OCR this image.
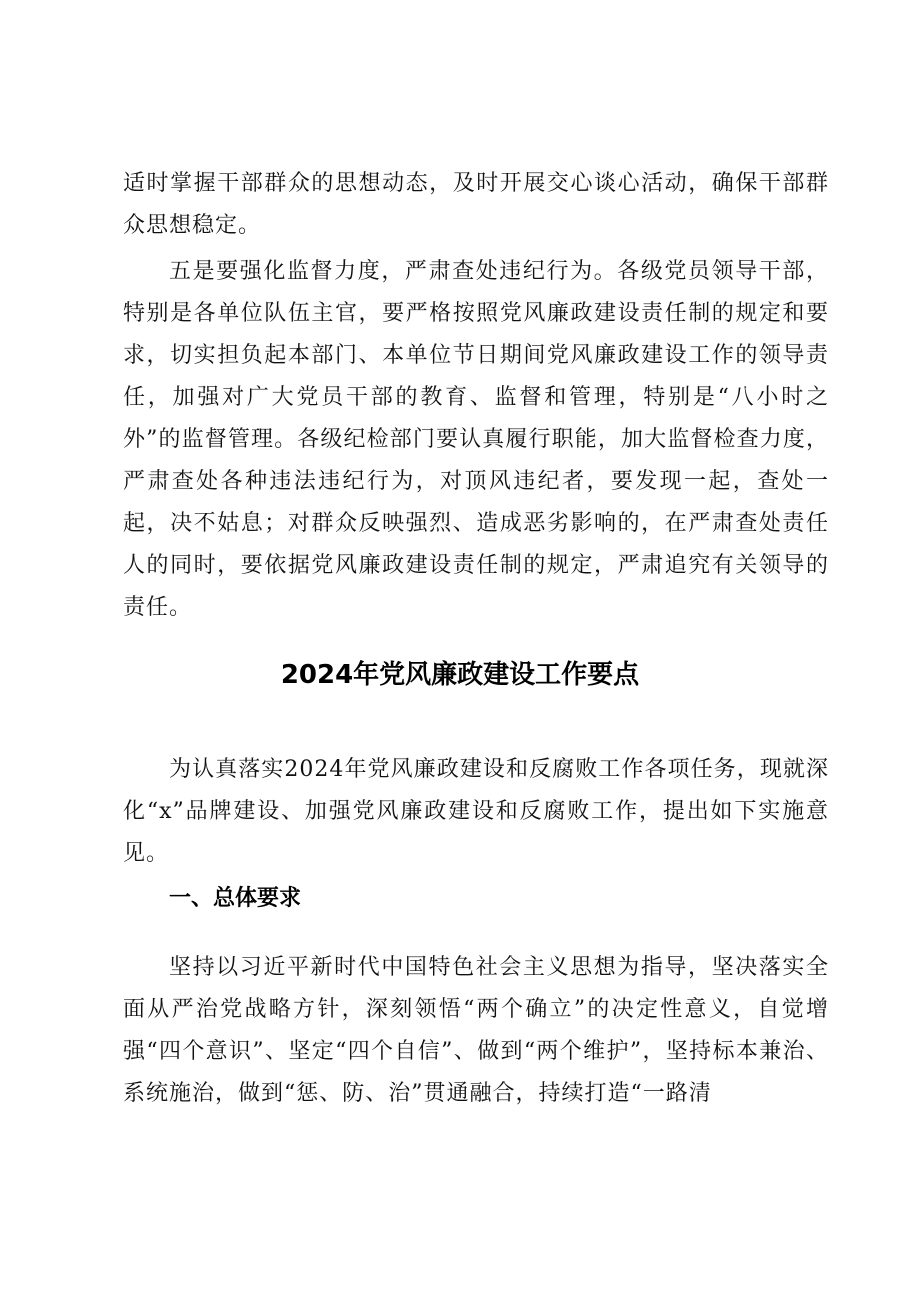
适时掌握干部群众的思想动态，及时开展交心谈心活动，确保干部群众思想稳定。

五是要强化监督力度，严肃查处违纪行为。各级党员领导干部，特别是各单位队伍主官，要严格按照党风廉政建设责任制的规定和要求，切实担负起本部门、本单位节日期间党风廉政建设工作的领导责任，加强对广大党员干部的教育、监督和管理，特别是“八小时之外”的监督管理。各级纪检部门要认真履行职能，加大监督检查力度，严肃查处各种违法违纪行为，对顶风违纪者，要发现一起，查处一起，决不姑息；对群众反映强烈、造成恶劣影响的，在严肃查处责任人的同时，要依据党风廉政建设责任制的规定，严肃追究有关领导的责任。

2024年党风廉政建设工作要点

为认真落实2024年党风廉政建设和反腐败工作各项任务，现就深化“x”品牌建设、加强党风廉政建设和反腐败工作，提出如下实施意见。

一、总体要求

坚持以习近平新时代中国特色社会主义思想为指导，坚决落实全面从严治党战略方针，深刻领悟“两个确立”的决定性意义，自觉增强“四个意识”、坚定“四个自信”、做到“两个维护”，坚持标本兼治、系统施治，做到“惩、防、治”贯通融合，持续打造“一路清
